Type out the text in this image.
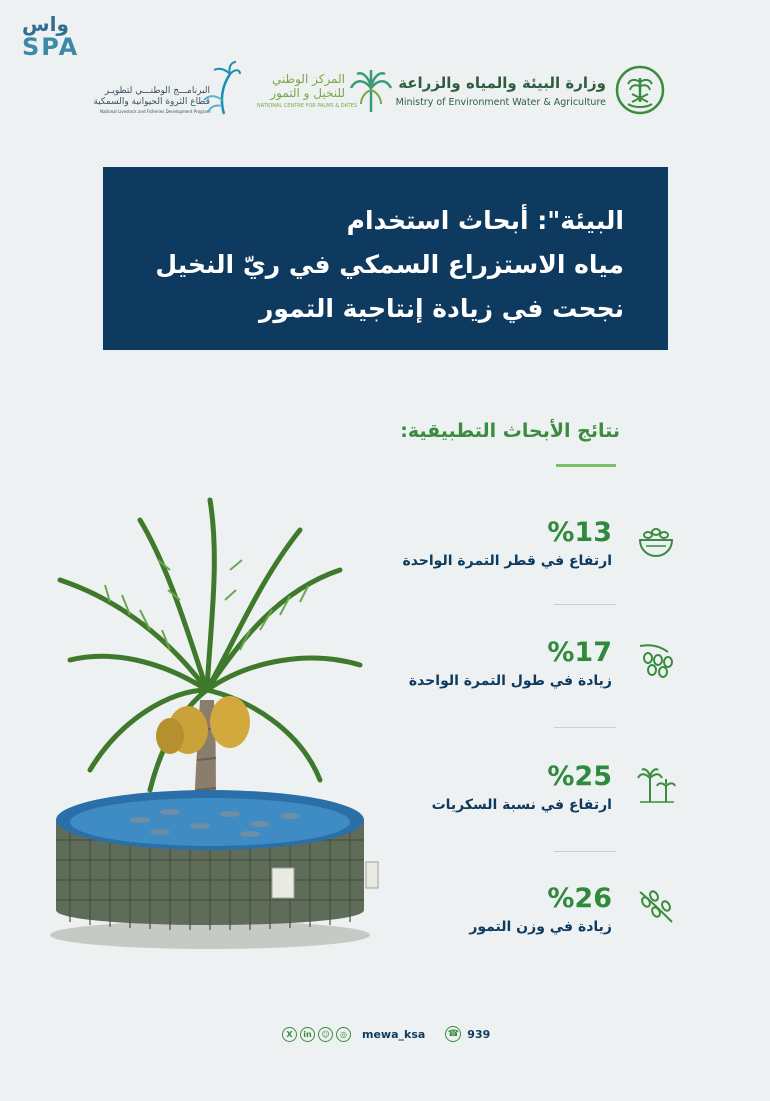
واس
SPA
وزارة البيئة والمياه والزراعة
Ministry of Environment Water & Agriculture
المركز الوطني
للنخيل و التمور
NATIONAL CENTRE FOR PALMS & DATES
البرنامـــج الوطنـــي لتطويـر
قطاع الثروة الحيوانية والسمكية
National Livestock and Fisheries Development Program
البيئة": أبحاث استخدام
مياه الاستزراع السمكي في ريّ النخيل
نجحت في زيادة إنتاجية التمور
نتائج الأبحاث التطبيقية:
%13
ارتفاع في قطر التمرة الواحدة
%17
زيادة في طول التمرة الواحدة
%25
ارتفاع في نسبة السكريات
%26
زيادة في وزن التمور
X	in	☺	◎	mewa_ksa ☎ 939
